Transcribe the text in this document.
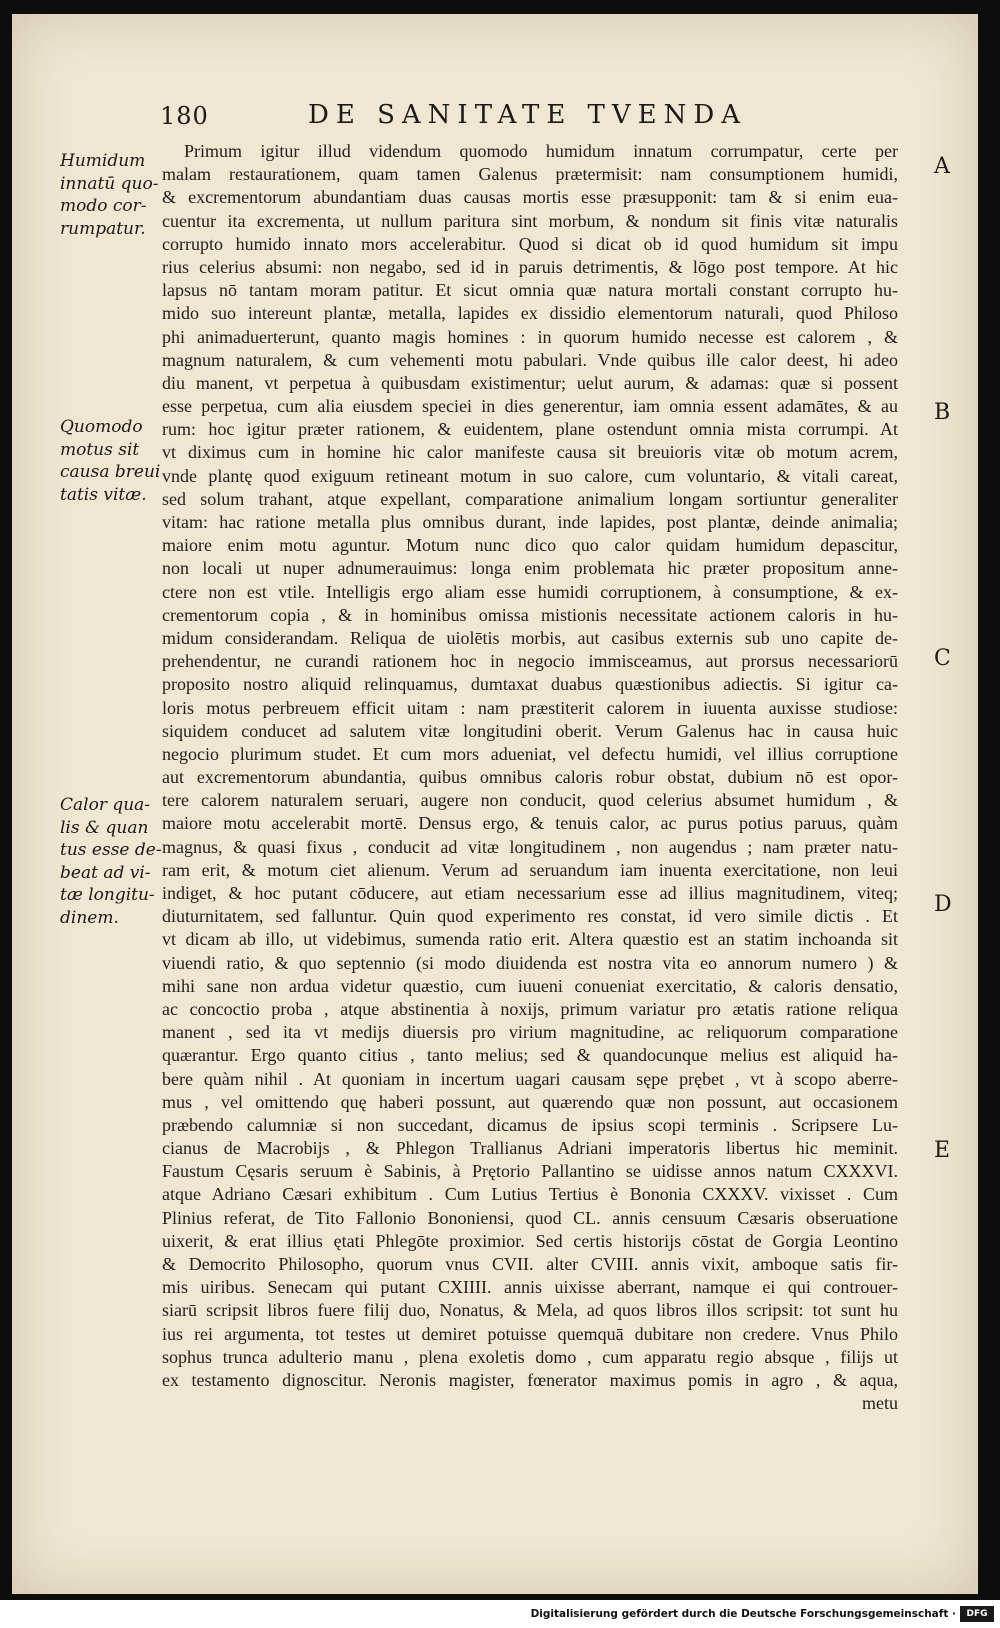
180	DE SANITATE TVENDA
Humidum
innatū quo-
modo cor-
rumpatur.
Quomodo
motus sit
causa breui
tatis vitæ.
Calor qua-
lis & quan
tus esse de-
beat ad vi-
tæ longitu-
dinem.
A
B
C
D
E
Primum igitur illud videndum quomodo humidum innatum corrumpatur, certe per
malam restaurationem, quam tamen Galenus prætermisit: nam consumptionem humidi,
& excrementorum abundantiam duas causas mortis esse præsupponit: tam & si enim eua-
cuentur ita excrementa, ut nullum paritura sint morbum, & nondum sit finis vitæ naturalis
corrupto humido innato mors accelerabitur. Quod si dicat ob id quod humidum sit impu
rius celerius absumi: non negabo, sed id in paruis detrimentis, & lōgo post tempore. At hic
lapsus nō tantam moram patitur. Et sicut omnia quæ natura mortali constant corrupto hu-
mido suo intereunt plantæ, metalla, lapides ex dissidio elementorum naturali, quod Philoso
phi animaduerterunt, quanto magis homines : in quorum humido necesse est calorem , &
magnum naturalem, & cum vehementi motu pabulari. Vnde quibus ille calor deest, hi adeo
diu manent, vt perpetua à quibusdam existimentur; uelut aurum, & adamas: quæ si possent
esse perpetua, cum alia eiusdem speciei in dies generentur, iam omnia essent adamātes, & au
rum: hoc igitur præter rationem, & euidentem, plane ostendunt omnia mista corrumpi. At
vt diximus cum in homine hic calor manifeste causa sit breuioris vitæ ob motum acrem,
vnde plantę quod exiguum retineant motum in suo calore, cum voluntario, & vitali careat,
sed solum trahant, atque expellant, comparatione animalium longam sortiuntur generaliter
vitam: hac ratione metalla plus omnibus durant, inde lapides, post plantæ, deinde animalia;
maiore enim motu aguntur. Motum nunc dico quo calor quidam humidum depascitur,
non locali ut nuper adnumerauimus: longa enim problemata hic præter propositum anne-
ctere non est vtile. Intelligis ergo aliam esse humidi corruptionem, à consumptione, & ex-
crementorum copia , & in hominibus omissa mistionis necessitate actionem caloris in hu-
midum considerandam. Reliqua de uiolētis morbis, aut casibus externis sub uno capite de-
prehendentur, ne curandi rationem hoc in negocio immisceamus, aut prorsus necessariorū
proposito nostro aliquid relinquamus, dumtaxat duabus quæstionibus adiectis. Si igitur ca-
loris motus perbreuem efficit uitam : nam præstiterit calorem in iuuenta auxisse studiose:
siquidem conducet ad salutem vitæ longitudini oberit. Verum Galenus hac in causa huic
negocio plurimum studet. Et cum mors adueniat, vel defectu humidi, vel illius corruptione
aut excrementorum abundantia, quibus omnibus caloris robur obstat, dubium nō est opor-
tere calorem naturalem seruari, augere non conducit, quod celerius absumet humidum , &
maiore motu accelerabit mortē. Densus ergo, & tenuis calor, ac purus potius paruus, quàm
magnus, & quasi fixus , conducit ad vitæ longitudinem , non augendus ; nam præter natu-
ram erit, & motum ciet alienum. Verum ad seruandum iam inuenta exercitatione, non leui
indiget, & hoc putant cōducere, aut etiam necessarium esse ad illius magnitudinem, viteq;
diuturnitatem, sed falluntur. Quin quod experimento res constat, id vero simile dictis . Et
vt dicam ab illo, ut videbimus, sumenda ratio erit. Altera quæstio est an statim inchoanda sit
viuendi ratio, & quo septennio (si modo diuidenda est nostra vita eo annorum numero ) &
mihi sane non ardua videtur quæstio, cum iuueni conueniat exercitatio, & caloris densatio,
ac concoctio proba , atque abstinentia à noxijs, primum variatur pro ætatis ratione reliqua
manent , sed ita vt medijs diuersis pro virium magnitudine, ac reliquorum comparatione
quærantur. Ergo quanto citius , tanto melius; sed & quandocunque melius est aliquid ha-
bere quàm nihil . At quoniam in incertum uagari causam sępe prębet , vt à scopo aberre-
mus , vel omittendo quę haberi possunt, aut quærendo quæ non possunt, aut occasionem
præbendo calumniæ si non succedant, dicamus de ipsius scopi terminis . Scripsere Lu-
cianus de Macrobijs , & Phlegon Trallianus Adriani imperatoris libertus hic meminit.
Faustum Cęsaris seruum è Sabinis, à Prętorio Pallantino se uidisse annos natum CXXXVI.
atque Adriano Cæsari exhibitum . Cum Lutius Tertius è Bononia CXXXV. vixisset . Cum
Plinius referat, de Tito Fallonio Bononiensi, quod CL. annis censuum Cæsaris obseruatione
uixerit, & erat illius ętati Phlegōte proximior. Sed certis historijs cōstat de Gorgia Leontino
& Democrito Philosopho, quorum vnus CVII. alter CVIII. annis vixit, amboque satis fir-
mis uiribus. Senecam qui putant CXIIII. annis uixisse aberrant, namque ei qui controuer-
siarū scripsit libros fuere filij duo, Nonatus, & Mela, ad quos libros illos scripsit: tot sunt hu
ius rei argumenta, tot testes ut demiret potuisse quemquā dubitare non credere. Vnus Philo
sophus trunca adulterio manu , plena exoletis domo , cum apparatu regio absque , filijs ut
ex testamento dignoscitur. Neronis magister, fœnerator maximus pomis in agro , & aqua,
metu
Digitalisierung gefördert durch die Deutsche Forschungsgemeinschaft ·	DFG
